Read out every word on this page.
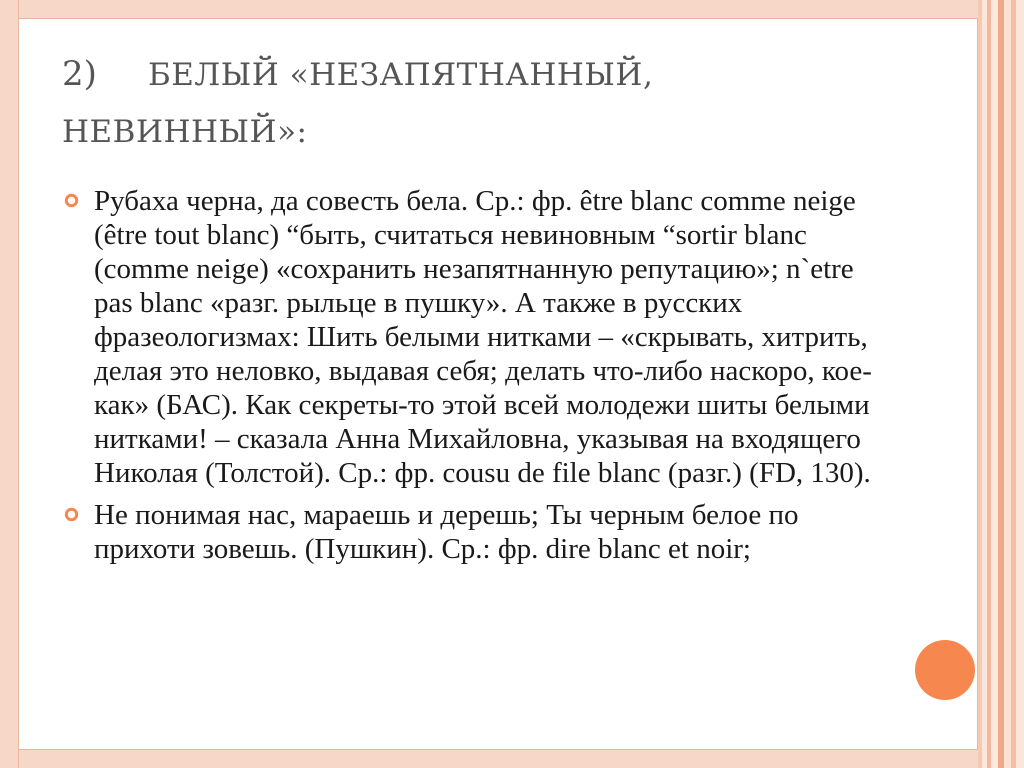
2) БЕЛЫЙ «НЕЗАПЯТНАННЫЙ,
НЕВИННЫЙ»:
Рубаха черна, да совесть бела. Ср.: фр. être blanc comme neige (être tout blanc) “быть, считаться невиновным “sortir blanc (comme neige) «сохранить незапятнанную репутацию»; n`etre pas blanc «разг. рыльце в пушку». А также в русских фразеологизмах: Шить белыми нитками – «скрывать, хитрить, делая это неловко, выдавая себя; делать что-либо наскоро, кое-как» (БАС). Как секреты-то этой всей молодежи шиты белыми нитками! – сказала Анна Михайловна, указывая на входящего Николая (Толстой). Ср.: фр. cousu de file blanc (разг.) (FD, 130).
Не понимая нас, мараешь и дерешь; Ты черным белое по прихоти зовешь. (Пушкин). Ср.: фр. dire blanc et noir;
